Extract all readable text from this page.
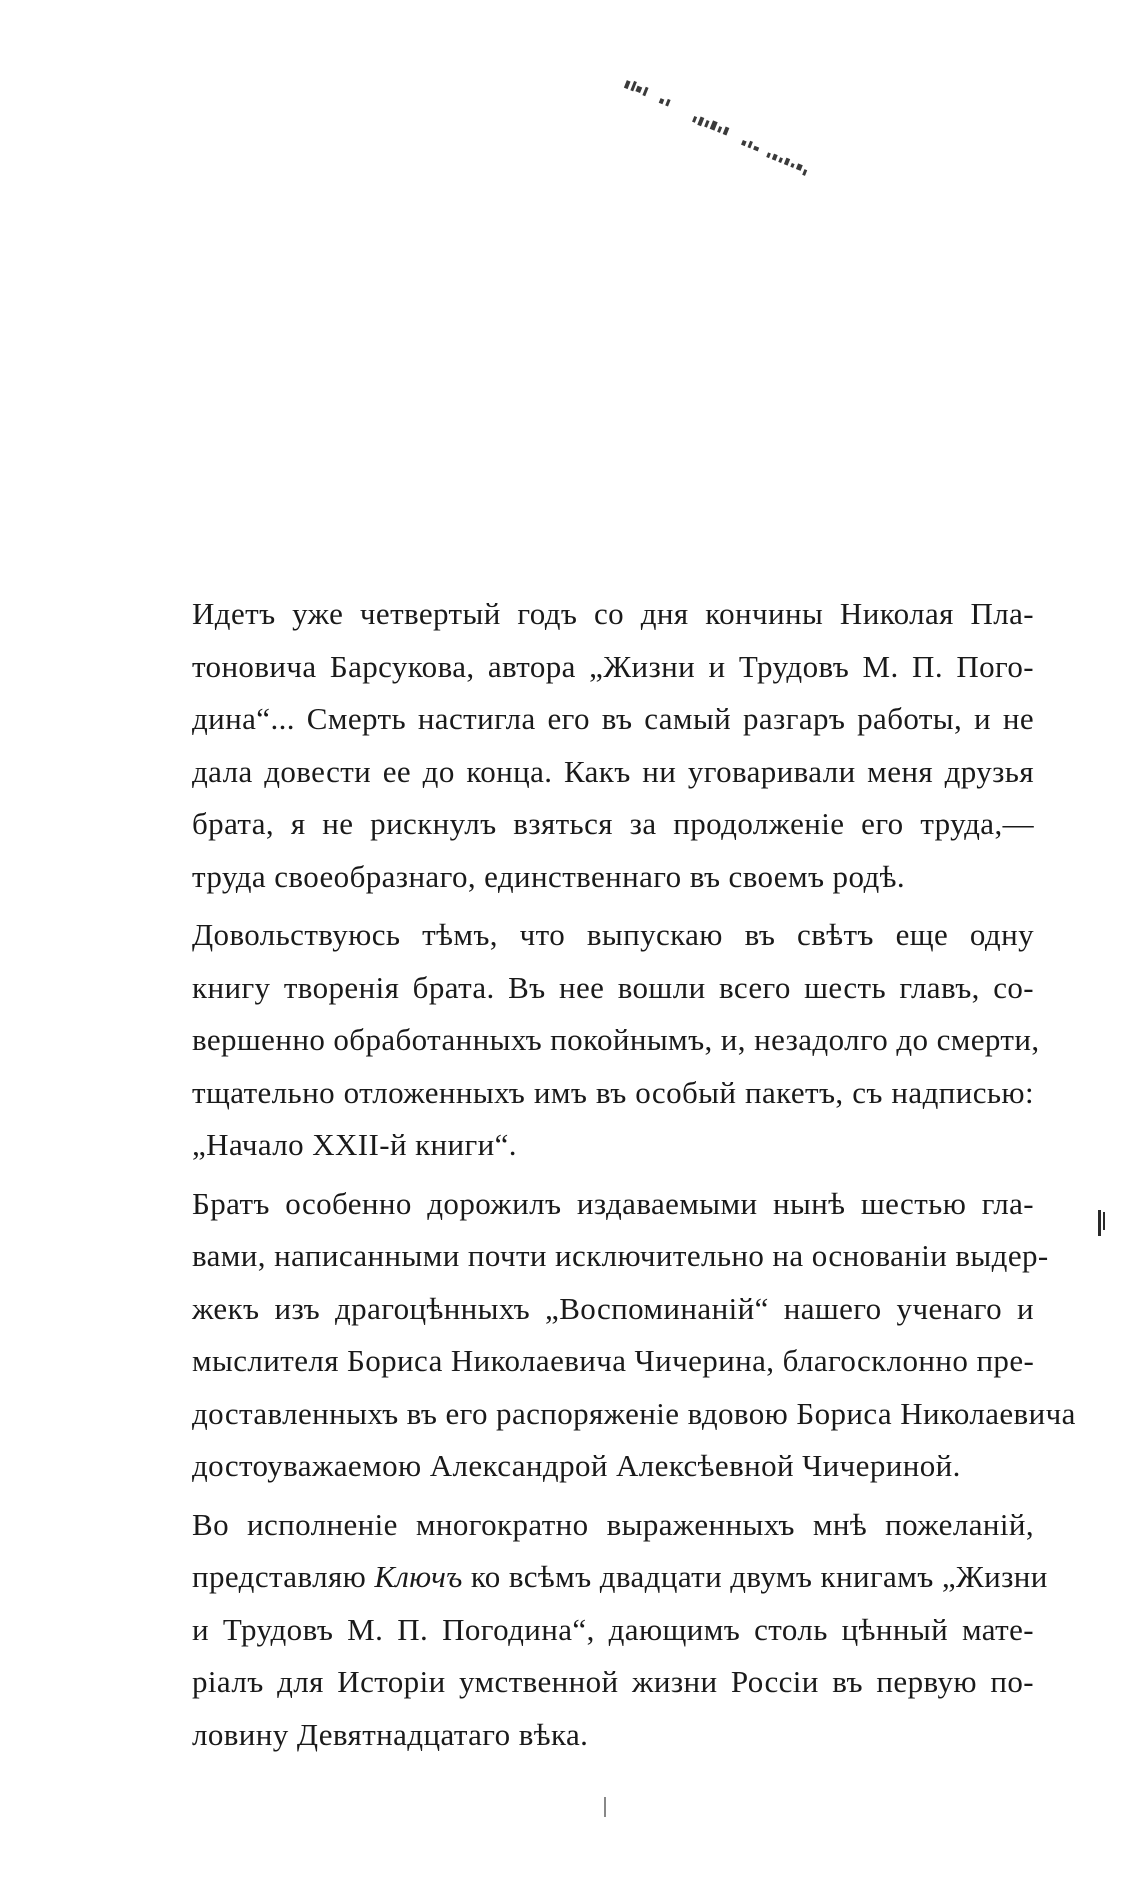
Идетъ уже четвертый годъ со дня кончины Николая Пла-
тоновича Барсукова, автора „Жизни и Трудовъ М. П. Пого-
дина“... Смерть настигла его въ самый разгаръ работы, и не
дала довести ее до конца. Какъ ни уговаривали меня друзья
брата, я не рискнулъ взяться за продолженіе его труда,—
труда своеобразнаго, единственнаго въ своемъ родѣ.
Довольствуюсь тѣмъ, что выпускаю въ свѣтъ еще одну
книгу творенія брата. Въ нее вошли всего шесть главъ, со-
вершенно обработанныхъ покойнымъ, и, незадолго до смерти,
тщательно отложенныхъ имъ въ особый пакетъ, съ надписью:
„Начало XXII-й книги“.
Братъ особенно дорожилъ издаваемыми нынѣ шестью гла-
вами, написанными почти исключительно на основаніи выдер-
жекъ изъ драгоцѣнныхъ „Воспоминаній“ нашего ученаго и
мыслителя Бориса Николаевича Чичерина, благосклонно пре-
доставленныхъ въ его распоряженіе вдовою Бориса Николаевича
достоуважаемою Александрой Алексѣевной Чичериной.
Во исполненіе многократно выраженныхъ мнѣ пожеланій,
представляю Ключъ ко всѣмъ двадцати двумъ книгамъ „Жизни
и Трудовъ М. П. Погодина“, дающимъ столь цѣнный мате-
ріалъ для Исторіи умственной жизни Россіи въ первую по-
ловину Девятнадцатаго вѣка.
